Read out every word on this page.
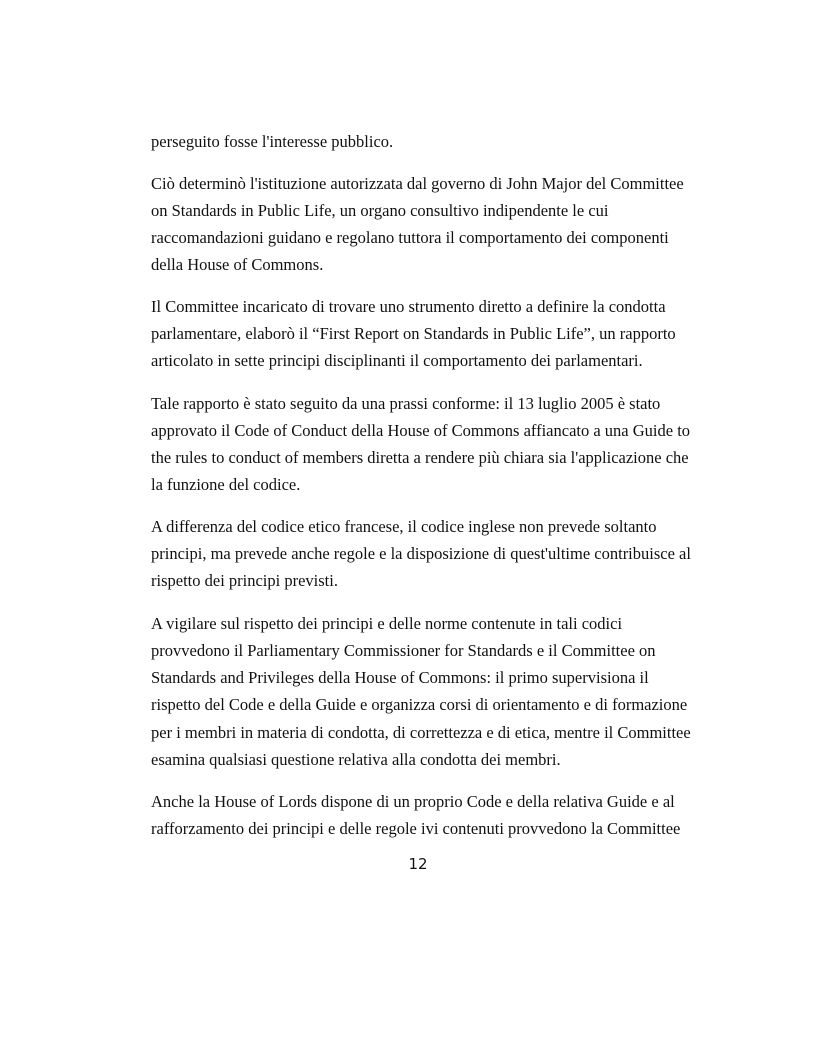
perseguito fosse l'interesse pubblico.

Ciò determinò l'istituzione autorizzata dal governo di John Major del Committee

on Standards in Public Life, un organo consultivo indipendente le cui

raccomandazioni guidano e regolano tuttora il comportamento dei componenti

della House of Commons.

Il Committee incaricato di trovare uno strumento diretto a definire la condotta

parlamentare, elaborò il “First Report on Standards in Public Life”, un rapporto

articolato in sette principi disciplinanti il comportamento dei parlamentari.

Tale rapporto è stato seguito da una prassi conforme: il 13 luglio 2005 è stato

approvato il Code of Conduct della House of Commons affiancato a una Guide to

the rules to conduct of members diretta a rendere più chiara sia l'applicazione che

la funzione del codice.

A differenza del codice etico francese, il codice inglese non prevede soltanto

principi, ma prevede anche regole e la disposizione di quest'ultime contribuisce al

rispetto dei principi previsti.

A vigilare sul rispetto dei principi e delle norme contenute in tali codici

provvedono il Parliamentary Commissioner for Standards e il Committee on

Standards and Privileges della House of Commons: il primo supervisiona il

rispetto del Code e della Guide e organizza corsi di orientamento e di formazione

per i membri in materia di condotta, di correttezza e di etica, mentre il Committee

esamina qualsiasi questione relativa alla condotta dei membri.

Anche la House of Lords dispone di un proprio Code e della relativa Guide e al

rafforzamento dei principi e delle regole ivi contenuti provvedono la Committee

12
